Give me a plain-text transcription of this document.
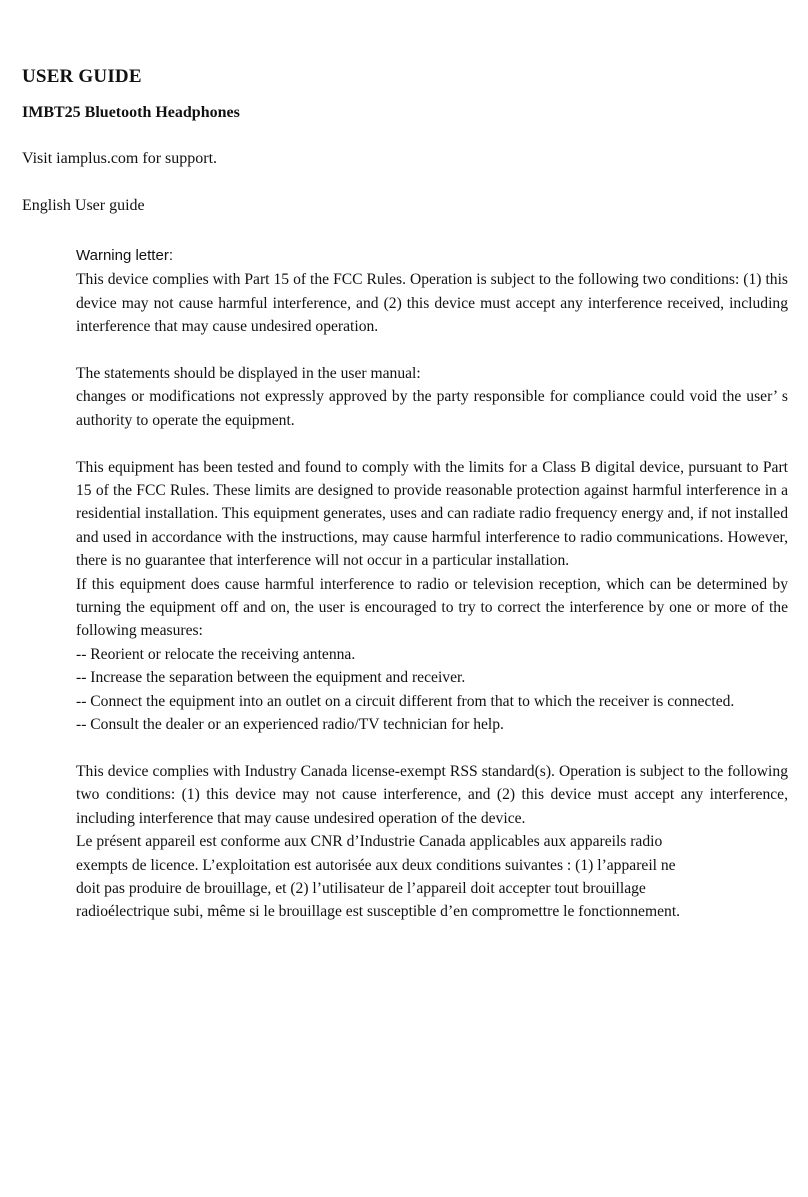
USER GUIDE
IMBT25 Bluetooth Headphones

Visit iamplus.com for support.

English User guide

Warning letter:

This device complies with Part 15 of the FCC Rules. Operation is subject to the following two conditions: (1) this device may not cause harmful interference, and (2) this device must accept any interference received, including interference that may cause undesired operation.

The statements should be displayed in the user manual:

changes or modifications not expressly approved by the party responsible for compliance could void the user’ s authority to operate the equipment.

This equipment has been tested and found to comply with the limits for a Class B digital device, pursuant to Part 15 of the FCC Rules. These limits are designed to provide reasonable protection against harmful interference in a residential installation. This equipment generates, uses and can radiate radio frequency energy and, if not installed and used in accordance with the instructions, may cause harmful interference to radio communications. However, there is no guarantee that interference will not occur in a particular installation.

If this equipment does cause harmful interference to radio or television reception, which can be determined by turning the equipment off and on, the user is encouraged to try to correct the interference by one or more of the following measures:

-- Reorient or relocate the receiving antenna.

-- Increase the separation between the equipment and receiver.

-- Connect the equipment into an outlet on a circuit different from that to which the receiver is connected.

-- Consult the dealer or an experienced radio/TV technician for help.

This device complies with Industry Canada license-exempt RSS standard(s). Operation is subject to the following two conditions: (1) this device may not cause interference, and (2) this device must accept any interference, including interference that may cause undesired operation of the device.

Le présent appareil est conforme aux CNR d’Industrie Canada applicables aux appareils radio

exempts de licence. L’exploitation est autorisée aux deux conditions suivantes : (1) l’appareil ne

doit pas produire de brouillage, et (2) l’utilisateur de l’appareil doit accepter tout brouillage

radioélectrique subi, même si le brouillage est susceptible d’en compromettre le fonctionnement.
